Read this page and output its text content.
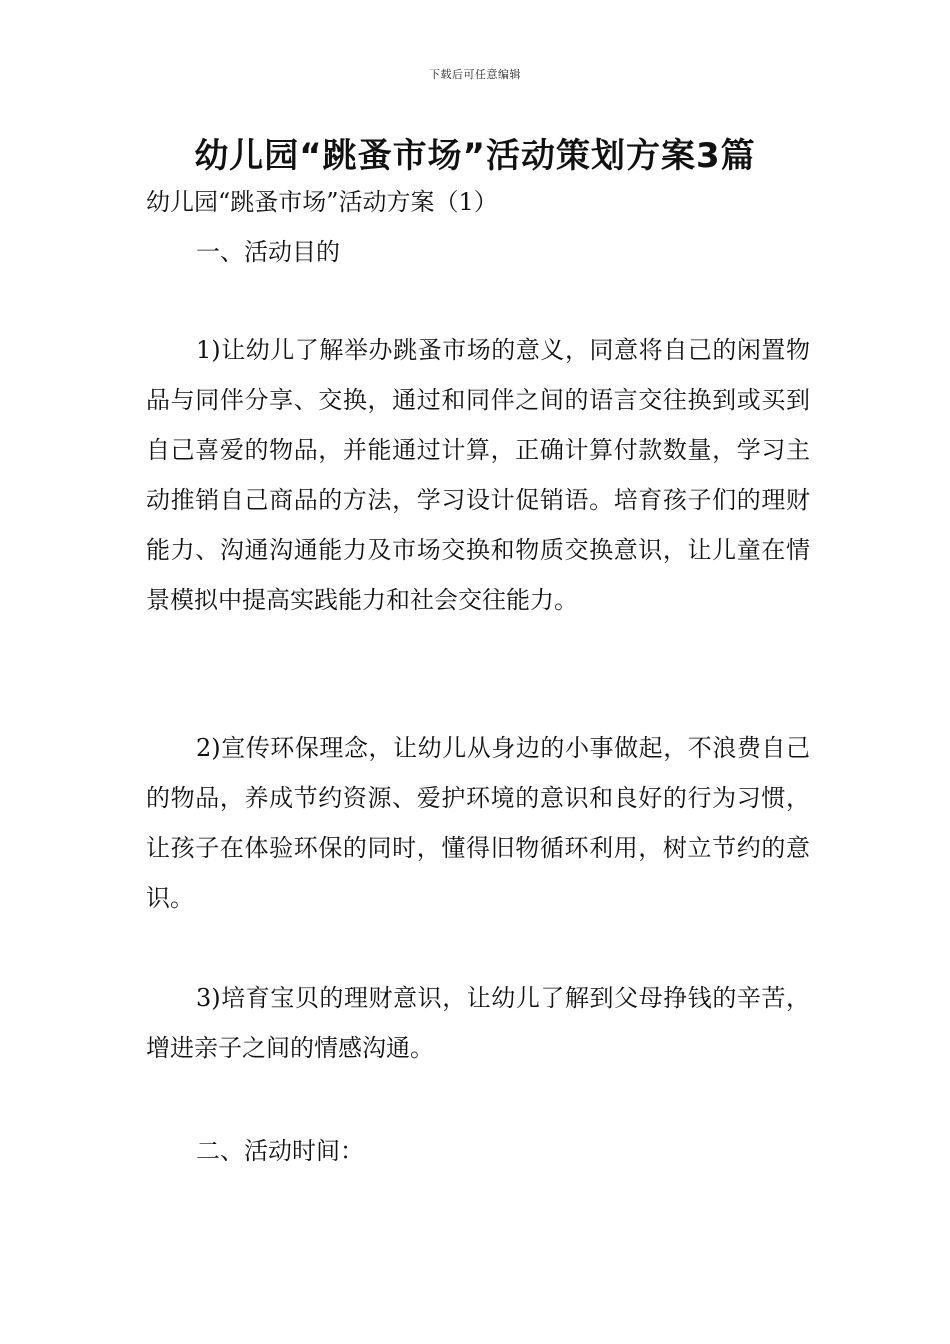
下载后可任意编辑
幼儿园“跳蚤市场”活动策划方案3篇

幼儿园“跳蚤市场”活动方案（1）

一、活动目的

1)让幼儿了解举办跳蚤市场的意义，同意将自己的闲置物品与同伴分享、交换，通过和同伴之间的语言交往换到或买到自己喜爱的物品，并能通过计算，正确计算付款数量，学习主动推销自己商品的方法，学习设计促销语。培育孩子们的理财能力、沟通沟通能力及市场交换和物质交换意识，让儿童在情景模拟中提高实践能力和社会交往能力。

2)宣传环保理念，让幼儿从身边的小事做起，不浪费自己的物品，养成节约资源、爱护环境的意识和良好的行为习惯，让孩子在体验环保的同时，懂得旧物循环利用，树立节约的意识。

3)培育宝贝的理财意识，让幼儿了解到父母挣钱的辛苦，增进亲子之间的情感沟通。

二、活动时间：
